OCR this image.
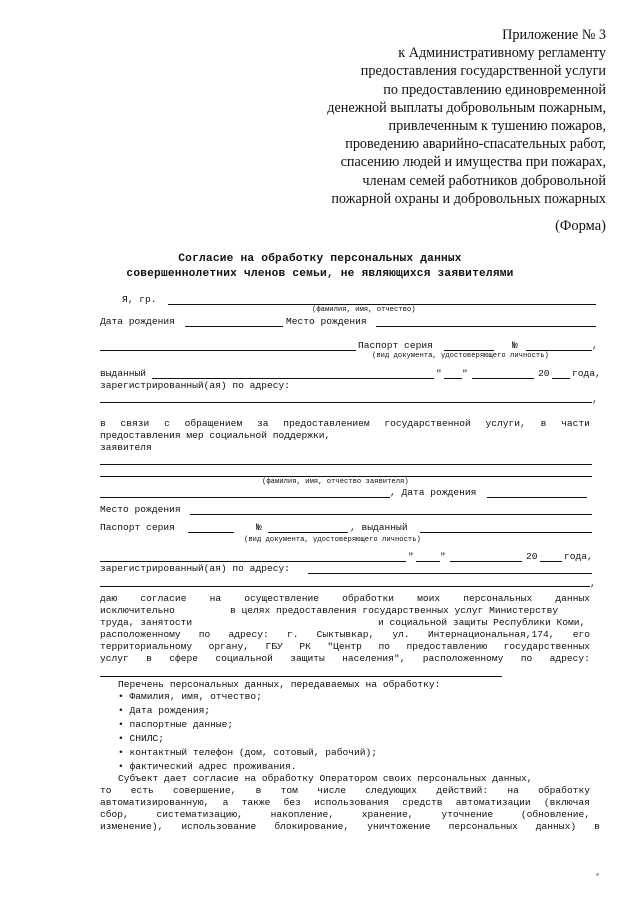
Приложение № 3
к Административному регламенту
предоставления государственной услуги
по предоставлению единовременной
денежной выплаты добровольным пожарным,
привлеченным к тушению пожаров,
проведению аварийно-спасательных работ,
спасению людей и имущества при пожарах,
членам семей работников добровольной
пожарной охраны и добровольных пожарных
(Форма)
Согласие на обработку персональных данных
совершеннолетних членов семьи, не являющихся заявителями
Я, гр.
(фамилия, имя, отчество)
Дата рождения	Место рождения
Паспорт серия	№	,
(вид документа, удостоверяющего личность)
выданный	" "	20 года,
зарегистрированный(ая) по адресу:
,
в связи с обращением за предоставлением государственной услуги, в части
предоставления мер социальной поддержки,
заявителя
(фамилия, имя, отчество заявителя)
, Дата рождения
Место рождения
Паспорт серия	№	, выданный
(вид документа, удостоверяющего личность)
"	"	20	года,
зарегистрированный(ая) по адресу:
,
даю согласие на осуществление обработки моих персональных данных
исключительно	в целях предоставления государственных услуг Министерству
труда, занятости	и социальной защиты Республики Коми,
расположенному по адресу: г. Сыктывкар, ул. Интернациональная,174, его
территориальному органу, ГБУ РК "Центр по предоставлению государственных
услуг в сфере социальной защиты населения", расположенному по адресу:
Перечень персональных данных, передаваемых на обработку:
• Фамилия, имя, отчество;
• Дата рождения;
• паспортные данные;
• СНИЛС;
• контактный телефон (дом, сотовый, рабочий);
• фактический адрес проживания.
Субъект дает согласие на обработку Оператором своих персональных данных,
то есть совершение, в том числе следующих действий: на обработку
автоматизированную, а также без использования средств автоматизации (включая
сбор,	систематизацию,	накопление,	хранение,	уточнение	(обновление,
изменение), использование блокирование, уничтожение персональных данных) в
